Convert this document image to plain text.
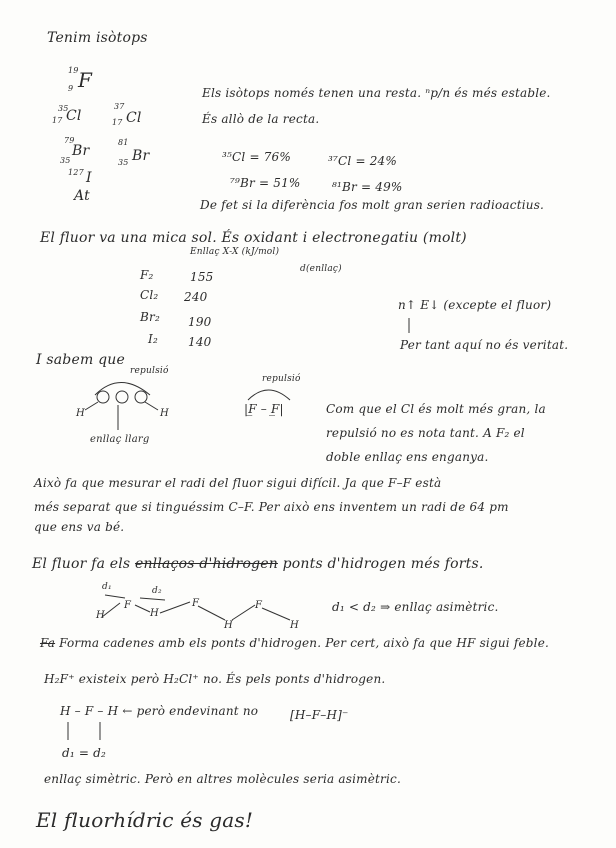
Tenim isòtops
19
9 F
35
17 Cl
37
17 Cl
79
35
Br
81
35 Br
127 I
At
Els isòtops només tenen una resta. ⁿp/n és més estable.
És allò de la recta.
³⁵Cl = 76%	³⁷Cl = 24%
⁷⁹Br = 51%	⁸¹Br = 49%
De fet si la diferència fos molt gran serien radioactius.
El fluor va una mica sol. És oxidant i electronegatiu (molt)
Enllaç X-X (kJ/mol)
d(enllaç)
F₂	155
Cl₂ 240
Br₂ 190
I₂	140
n↑ E↓ (excepte el fluor)
Per tant aquí no és veritat.
I sabem que
repulsió
repulsió
H	H	|F̲ – F̲|
enllaç llarg
Com que el Cl és molt més gran, la
repulsió no es nota tant. A F₂ el
doble enllaç ens enganya.
Això fa que mesurar el radi del fluor sigui difícil. Ja que F–F està
més separat que si tinguéssim C–F. Per això ens inventem un radi de 64 pm
que ens va bé.
El fluor fa els enllaços d'hidrogen ponts d'hidrogen més forts.
d₁	d₂
H
F
H
F
H
F
H
d₁ < d₂ ⇒ enllaç asimètric.
Fa Forma cadenes amb els ponts d'hidrogen. Per cert, això fa que HF sigui feble.
H₂F⁺ existeix però H₂Cl⁺ no. És pels ponts d'hidrogen.
H – F – H ← però endevinant no	[H–F–H]⁻
d₁ = d₂
enllaç simètric. Però en altres molècules seria asimètric.
El fluorhídric és gas!
